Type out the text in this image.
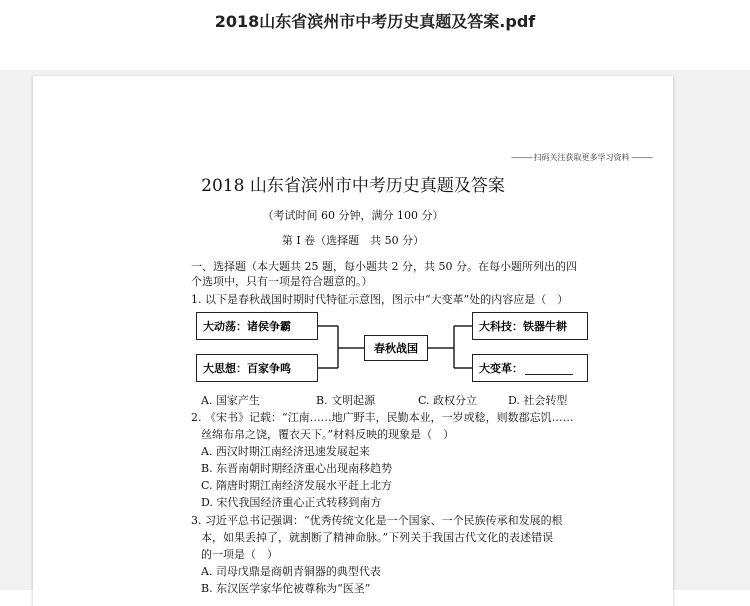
2018山东省滨州市中考历史真题及答案.pdf
——— 扫码关注获取更多学习资料 ———
2018 山东省滨州市中考历史真题及答案
（考试时间 60 分钟，满分 100 分）
第 I 卷（选择题　共 50 分）
一、选择题（本大题共 25 题，每小题共 2 分，共 50 分。在每小题所列出的四
个选项中，只有一项是符合题意的。）
1. 以下是春秋战国时期时代特征示意图，图示中“大变革”处的内容应是（　）
大动荡：诸侯争霸
大思想：百家争鸣
春秋战国
大科技：铁器牛耕
大变革：
A. 国家产生	B. 文明起源	C. 政权分立	D. 社会转型
2. 《宋书》记载：“江南……地广野丰，民勤本业，一岁或稔，则数郡忘饥……
丝绵布帛之饶，覆衣天下。”材料反映的现象是（　）
A. 西汉时期江南经济迅速发展起来
B. 东晋南朝时期经济重心出现南移趋势
C. 隋唐时期江南经济发展水平赶上北方
D. 宋代我国经济重心正式转移到南方
3. 习近平总书记强调：“优秀传统文化是一个国家、一个民族传承和发展的根
本，如果丢掉了，就割断了精神命脉。”下列关于我国古代文化的表述错误
的一项是（　）
A. 司母戊鼎是商朝青铜器的典型代表
B. 东汉医学家华佗被尊称为“医圣”
